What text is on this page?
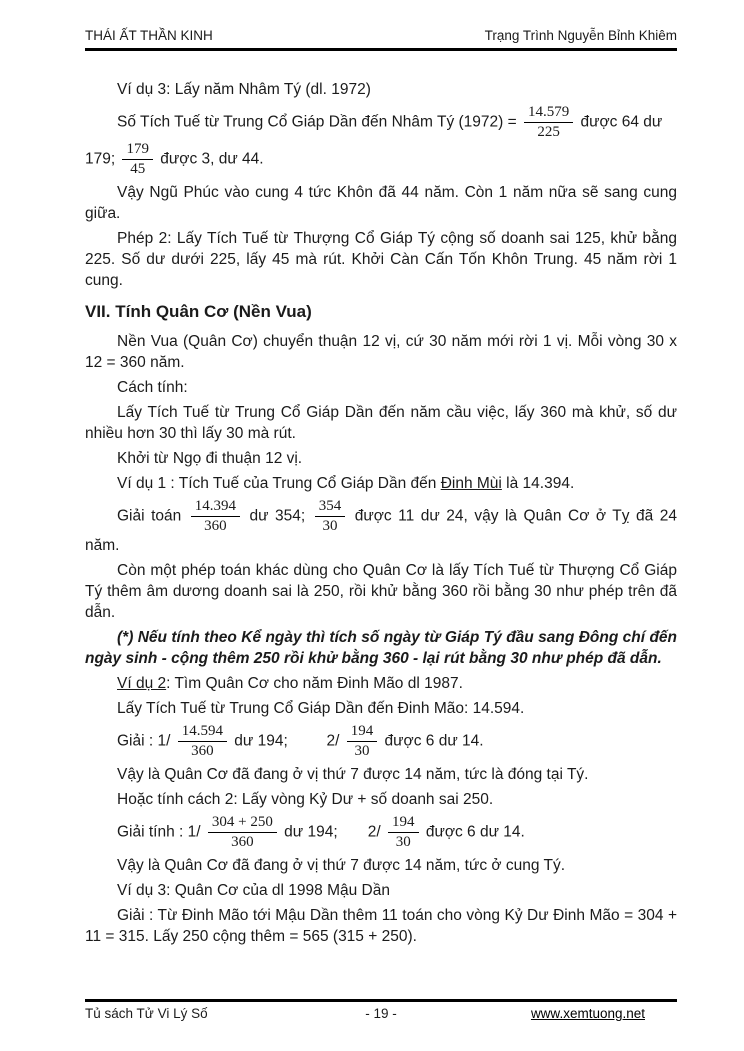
THÁI ẤT THẦN KINH	Trạng Trình Nguyễn Bỉnh Khiêm

Ví dụ 3: Lấy năm Nhâm Tý (dl. 1972)

Số Tích Tuế từ Trung Cổ Giáp Dần đến Nhâm Tý $(1972) = \frac{14.579}{225}$ được 64 dư
179; $\frac{179}{45}$ được 3, dư 44.

Vậy Ngũ Phúc vào cung 4 tức Khôn đã 44 năm. Còn 1 năm nữa sẽ sang cung giữa.

Phép 2: Lấy Tích Tuế từ Thượng Cổ Giáp Tý cộng số doanh sai 125, khử bằng 225. Số dư dưới 225, lấy 45 mà rút. Khởi Càn Cấn Tốn Khôn Trung. 45 năm rời 1 cung.

VII. Tính Quân Cơ (Nền Vua)

Nền Vua (Quân Cơ) chuyển thuận 12 vị, cứ 30 năm mới rời 1 vị. Mỗi vòng 30 x 12 = 360 năm.

Cách tính:

Lấy Tích Tuế từ Trung Cổ Giáp Dần đến năm cầu việc, lấy 360 mà khử, số dư nhiều hơn 30 thì lấy 30 mà rút.

Khởi từ Ngọ đi thuận 12 vị.

Ví dụ 1 : Tích Tuế của Trung Cổ Giáp Dần đến Đinh Mùi là 14.394.

Giải toán $\frac{14.394}{360}$ dư 354; $\frac{354}{30}$ được 11 dư 24, vậy là Quân Cơ ở Tỵ đã 24 năm.

Còn một phép toán khác dùng cho Quân Cơ là lấy Tích Tuế từ Thượng Cổ Giáp Tý thêm âm dương doanh sai là 250, rồi khử bằng 360 rồi bằng 30 như phép trên đã dẫn.

(*) Nếu tính theo Kể ngày thì tích số ngày từ Giáp Tý đầu sang Đông chí đến ngày sinh - cộng thêm 250 rồi khử bằng 360 - lại rút bằng 30 như phép đã dẫn.

Ví dụ 2: Tìm Quân Cơ cho năm Đinh Mão dl 1987.

Lấy Tích Tuế từ Trung Cổ Giáp Dần đến Đinh Mão: 14.594.

Giải : $1/ \frac{14.594}{360}$ dư 194;         $2/ \frac{194}{30}$ được 6 dư 14.

Vậy là Quân Cơ đã đang ở vị thứ 7 được 14 năm, tức là đóng tại Tý.

Hoặc tính cách 2: Lấy vòng Kỷ Dư + số doanh sai 250.

Giải tính : $1/ \frac{304 + 250}{360}$ dư 194;       $2/ \frac{194}{30}$ được 6 dư 14.

Vậy là Quân Cơ đã đang ở vị thứ 7 được 14 năm, tức ở cung Tý.

Ví dụ 3: Quân Cơ của dl 1998 Mậu Dần

Giải : Từ Đinh Mão tới Mậu Dần thêm 11 toán cho vòng Kỷ Dư Đinh Mão = 304 + 11 = 315. Lấy 250 cộng thêm = 565 (315 + 250).

Tủ sách Tử Vi Lý Số	- 19 -	www.xemtuong.net
